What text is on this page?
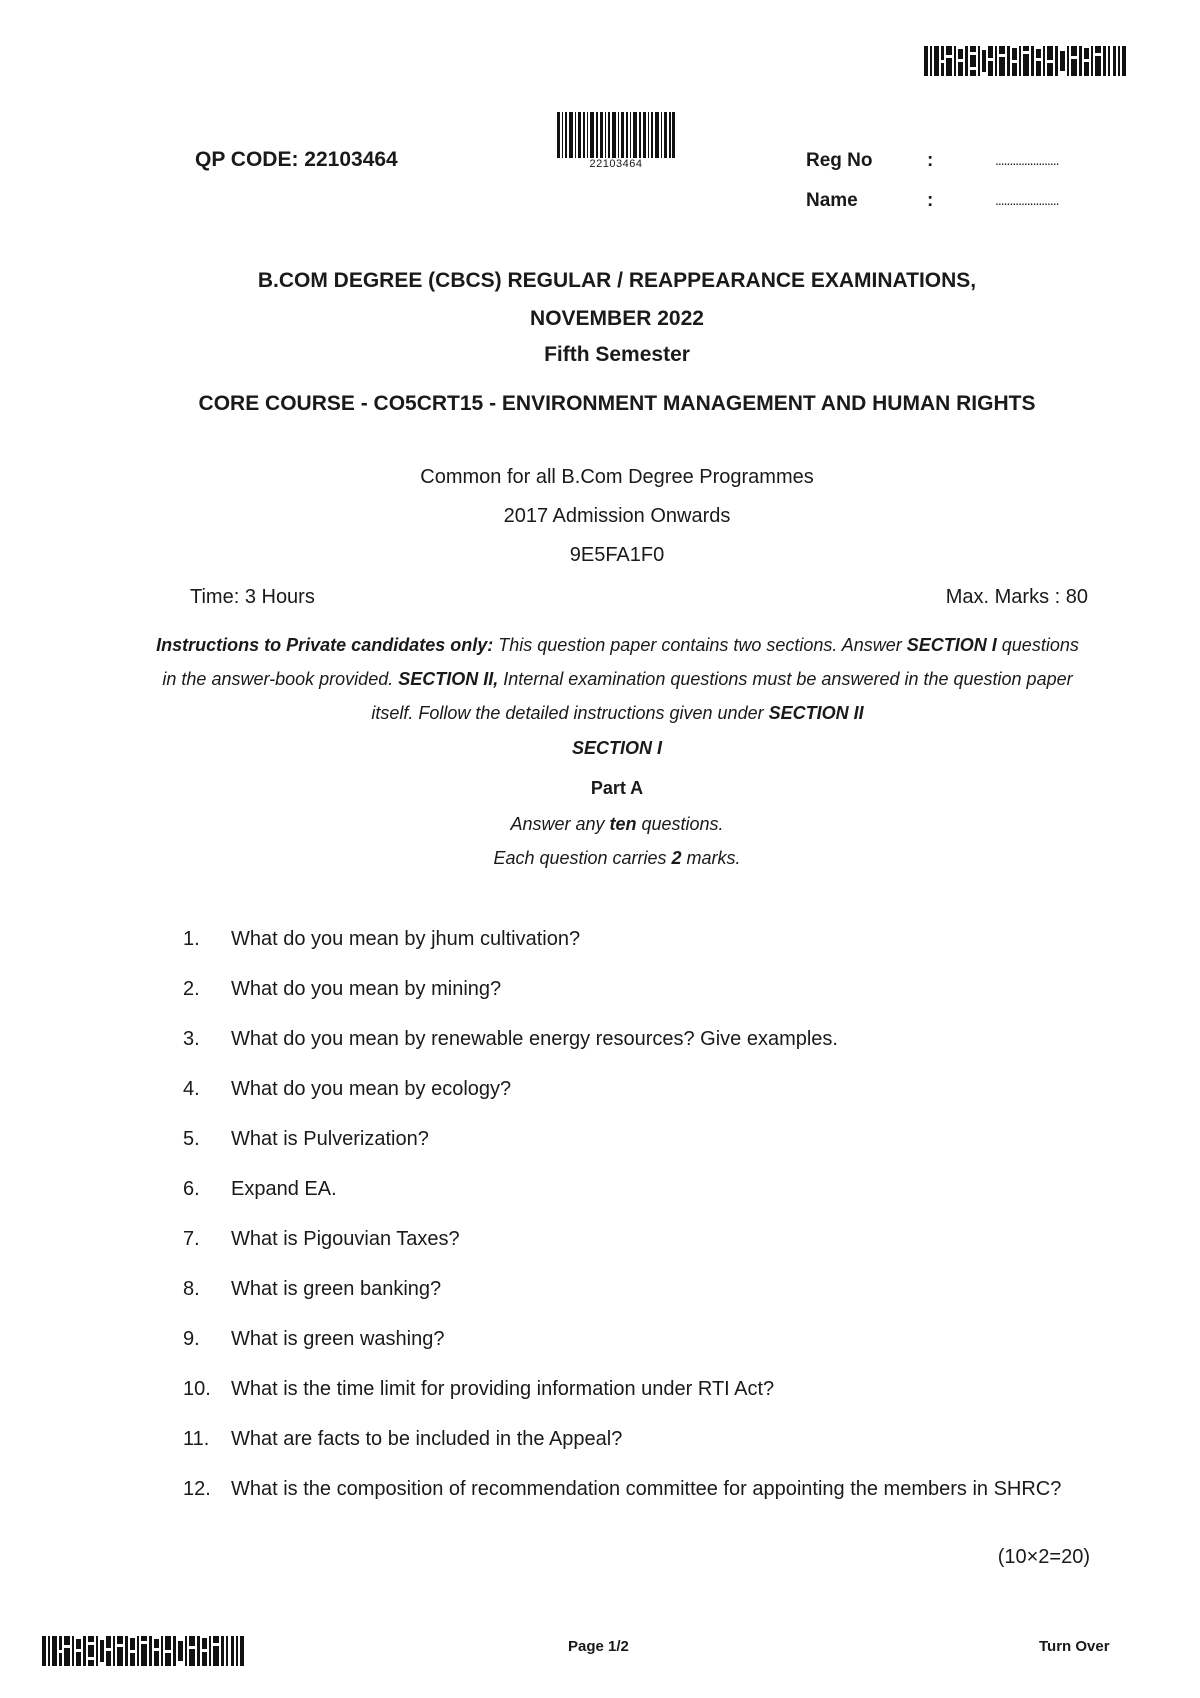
QP CODE: 22103464	22103464	Reg No	:	......................
Name	:	......................
B.COM DEGREE (CBCS) REGULAR / REAPPEARANCE EXAMINATIONS, NOVEMBER 2022
Fifth Semester
CORE COURSE - CO5CRT15 - ENVIRONMENT MANAGEMENT AND HUMAN RIGHTS
Common for all B.Com Degree Programmes
2017 Admission Onwards
9E5FA1F0
Time: 3 Hours	Max. Marks : 80
Instructions to Private candidates only: This question paper contains two sections. Answer SECTION I questions in the answer-book provided. SECTION II, Internal examination questions must be answered in the question paper itself. Follow the detailed instructions given under SECTION II
SECTION I
Part A
Answer any ten questions.
Each question carries 2 marks.
1.	What do you mean by jhum cultivation?
2.	What do you mean by mining?
3.	What do you mean by renewable energy resources? Give examples.
4.	What do you mean by ecology?
5.	What is Pulverization?
6.	Expand EA.
7.	What is Pigouvian Taxes?
8.	What is green banking?
9.	What is green washing?
10.	What is the time limit for providing information under RTI Act?
11.	What are facts to be included in the Appeal?
12.	What is the composition of recommendation committee for appointing the members in SHRC?
(10×2=20)
Page 1/2	Turn Over
